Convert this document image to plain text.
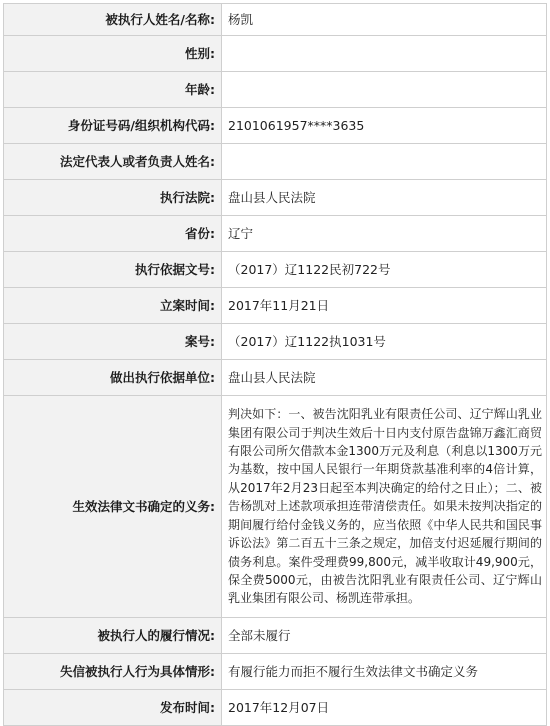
被执行人姓名/名称:	杨凯
性别:	
年龄:	
身份证号码/组织机构代码:	2101061957****3635
法定代表人或者负责人姓名:	
执行法院:	盘山县人民法院
省份:	辽宁
执行依据文号:	（2017）辽1122民初722号
立案时间:	2017年11月21日
案号:	（2017）辽1122执1031号
做出执行依据单位:	盘山县人民法院
生效法律文书确定的义务:	判决如下：一、被告沈阳乳业有限责任公司、辽宁辉山乳业集团有限公司于判决生效后十日内支付原告盘锦万鑫汇商贸有限公司所欠借款本金1300万元及利息（利息以1300万元为基数，按中国人民银行一年期贷款基准利率的4倍计算，从2017年2月23日起至本判决确定的给付之日止）；二、被告杨凯对上述款项承担连带清偿责任。如果未按判决指定的期间履行给付金钱义务的，应当依照《中华人民共和国民事诉讼法》第二百五十三条之规定，加倍支付迟延履行期间的债务利息。案件受理费99,800元，减半收取计49,900元，保全费5000元，由被告沈阳乳业有限责任公司、辽宁辉山乳业集团有限公司、杨凯连带承担。
被执行人的履行情况:	全部未履行
失信被执行人行为具体情形:	有履行能力而拒不履行生效法律文书确定义务
发布时间:	2017年12月07日
